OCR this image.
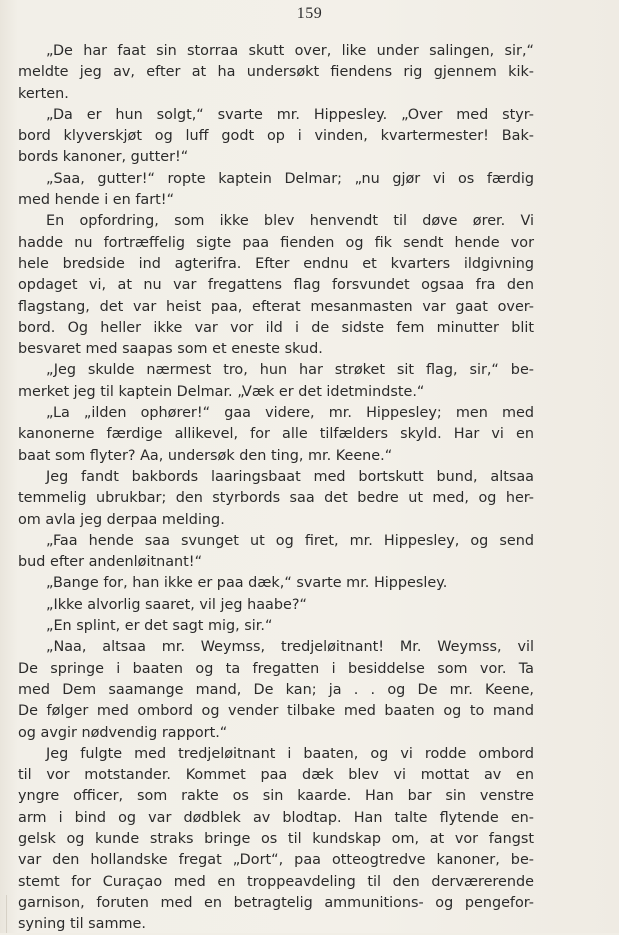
159
„De har faat sin storraa skutt over, like under salingen, sir,“
meldte jeg av, efter at ha undersøkt fiendens rig gjennem kik-
kerten.
„Da er hun solgt,“ svarte mr. Hippesley. „Over med styr-
bord klyverskjøt og luff godt op i vinden, kvartermester! Bak-
bords kanoner, gutter!“
„Saa, gutter!“ ropte kaptein Delmar; „nu gjør vi os færdig
med hende i en fart!“
En opfordring, som ikke blev henvendt til døve ører. Vi
hadde nu fortræffelig sigte paa fienden og fik sendt hende vor
hele bredside ind agterifra. Efter endnu et kvarters ildgivning
opdaget vi, at nu var fregattens flag forsvundet ogsaa fra den
flagstang, det var heist paa, efterat mesanmasten var gaat over-
bord. Og heller ikke var vor ild i de sidste fem minutter blit
besvaret med saapas som et eneste skud.
„Jeg skulde nærmest tro, hun har strøket sit flag, sir,“ be-
merket jeg til kaptein Delmar. „Væk er det idetmindste.“
„La „ilden ophører!“ gaa videre, mr. Hippesley; men med
kanonerne færdige allikevel, for alle tilfælders skyld. Har vi en
baat som flyter? Aa, undersøk den ting, mr. Keene.“
Jeg fandt bakbords laaringsbaat med bortskutt bund, altsaa
temmelig ubrukbar; den styrbords saa det bedre ut med, og her-
om avla jeg derpaa melding.
„Faa hende saa svunget ut og firet, mr. Hippesley, og send
bud efter andenløitnant!“
„Bange for, han ikke er paa dæk,“ svarte mr. Hippesley.
„Ikke alvorlig saaret, vil jeg haabe?“
„En splint, er det sagt mig, sir.“
„Naa, altsaa mr. Weymss, tredjeløitnant! Mr. Weymss, vil
De springe i baaten og ta fregatten i besiddelse som vor. Ta
med Dem saamange mand, De kan; ja . . og De mr. Keene,
De følger med ombord og vender tilbake med baaten og to mand
og avgir nødvendig rapport.“
Jeg fulgte med tredjeløitnant i baaten, og vi rodde ombord
til vor motstander. Kommet paa dæk blev vi mottat av en
yngre officer, som rakte os sin kaarde. Han bar sin venstre
arm i bind og var dødblek av blodtap. Han talte flytende en-
gelsk og kunde straks bringe os til kundskap om, at vor fangst
var den hollandske fregat „Dort“, paa otteogtredve kanoner, be-
stemt for Curaçao med en troppeavdeling til den derværerende
garnison, foruten med en betragtelig ammunitions- og pengefor-
syning til samme.
